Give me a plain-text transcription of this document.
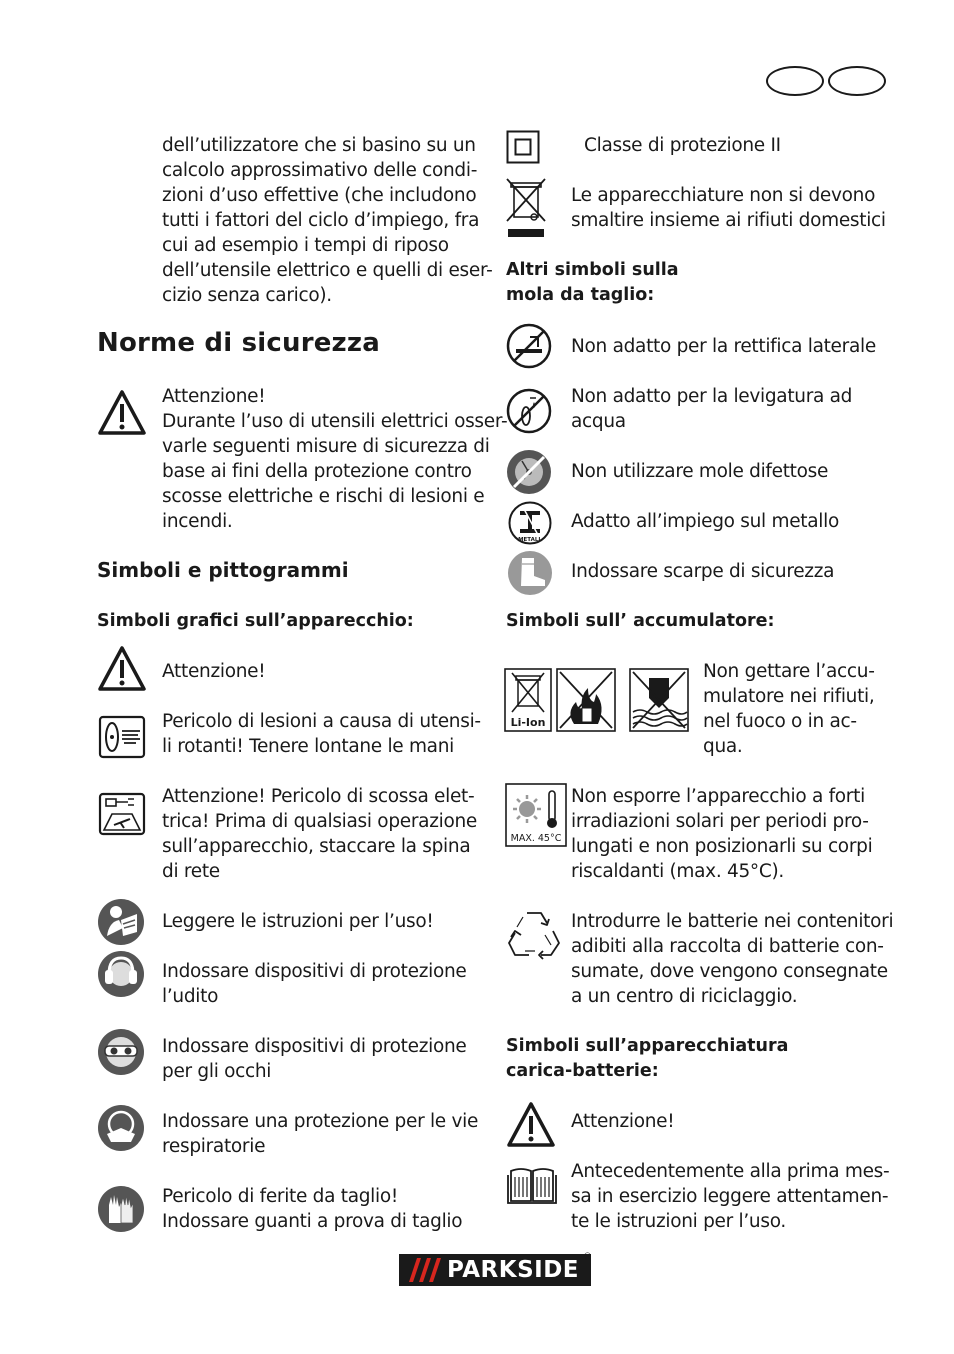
dell’utilizzatore che si basino su un
calcolo approssimativo delle condi-
zioni d’uso effettive (che includono
tutti i fattori del ciclo d’impiego, fra
cui ad esempio i tempi di riposo
dell’utensile elettrico e quelli di eser-
cizio senza carico).
Norme di sicurezza
Attenzione!
Durante l’uso di utensili elettrici osser-
varle seguenti misure di sicurezza di
base ai fini della protezione contro
scosse elettriche e rischi di lesioni e
incendi.
Simboli e pittogrammi
Simboli grafici sull’apparecchio:
Attenzione!
Pericolo di lesioni a causa di utensi-
li rotanti! Tenere lontane le mani
Attenzione! Pericolo di scossa elet-
trica! Prima di qualsiasi operazione
sull’apparecchio, staccare la spina
di rete
Leggere le istruzioni per l’uso!
Indossare dispositivi di protezione
l’udito
Indossare dispositivi di protezione
per gli occhi
Indossare una protezione per le vie
respiratorie
Pericolo di ferite da taglio!
Indossare guanti a prova di taglio
Classe di protezione II
Le apparecchiature non si devono
smaltire insieme ai rifiuti domestici
Altri simboli sulla
mola da taglio:
Non adatto per la rettifica laterale
Non adatto per la levigatura ad
acqua
Non utilizzare mole difettose
METALL
Adatto all’impiego sul metallo
Indossare scarpe di sicurezza
Simboli sull’ accumulatore:
Li-Ion
Non gettare l’accu-
mulatore nei rifiuti,
nel fuoco o in ac-
qua.
MAX. 45°C
Non esporre l’apparecchio a forti
irradiazioni solari per periodi pro-
lungati e non posizionarli su corpi
riscaldanti (max. 45°C).
Introdurre le batterie nei contenitori
adibiti alla raccolta di batterie con-
sumate, dove vengono consegnate
a un centro di riciclaggio.
Simboli sull’apparecchiatura
carica-batterie:
Attenzione!
Antecedentemente alla prima mes-
sa in esercizio leggere attentamen-
te le istruzioni per l’uso.
PARKSIDE ®
